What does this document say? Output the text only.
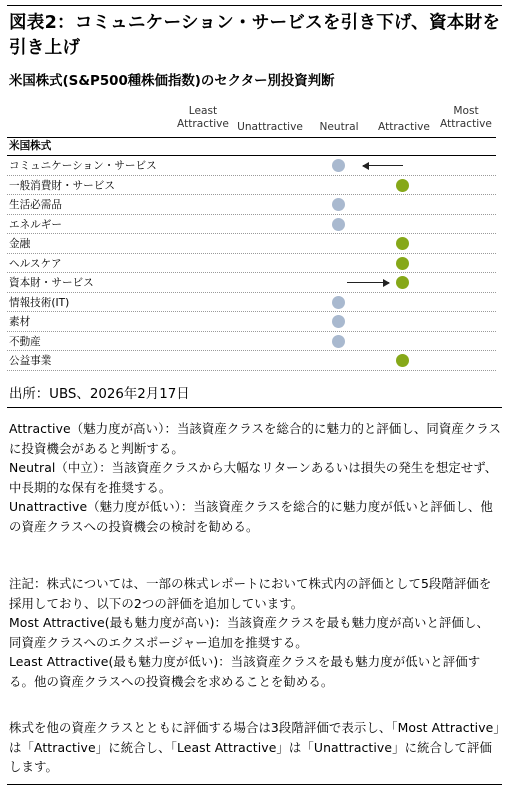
図表2：コミュニケーション・サービスを引き下げ、資本財を引き上げ
米国株式(S&P500種株価指数)のセクター別投資判断
Least
Attractive Unattractive	Neutral	Attractive
Most
Attractive
米国株式
コミュニケーション・サービス
一般消費財・サービス
生活必需品
エネルギー
金融
ヘルスケア
資本財・サービス
情報技術(IT)
素材
不動産
公益事業
出所：UBS、2026年2月17日

Attractive（魅力度が高い）：当該資産クラスを総合的に魅力的と評価し、同資産クラスに投資機会があると判断する。

Neutral（中立）：当該資産クラスから大幅なリターンあるいは損失の発生を想定せず、中長期的な保有を推奨する。

Unattractive（魅力度が低い）：当該資産クラスを総合的に魅力度が低いと評価し、他の資産クラスへの投資機会の検討を勧める。

注記：株式については、一部の株式レポートにおいて株式内の評価として5段階評価を採用しており、以下の2つの評価を追加しています。

Most Attractive(最も魅力度が高い)：当該資産クラスを最も魅力度が高いと評価し、同資産クラスへのエクスポージャー追加を推奨する。

Least Attractive(最も魅力度が低い)：当該資産クラスを最も魅力度が低いと評価する。他の資産クラスへの投資機会を求めることを勧める。

株式を他の資産クラスとともに評価する場合は3段階評価で表示し、「Most Attractive」は「Attractive」に統合し、「Least Attractive」は「Unattractive」に統合して評価します。
